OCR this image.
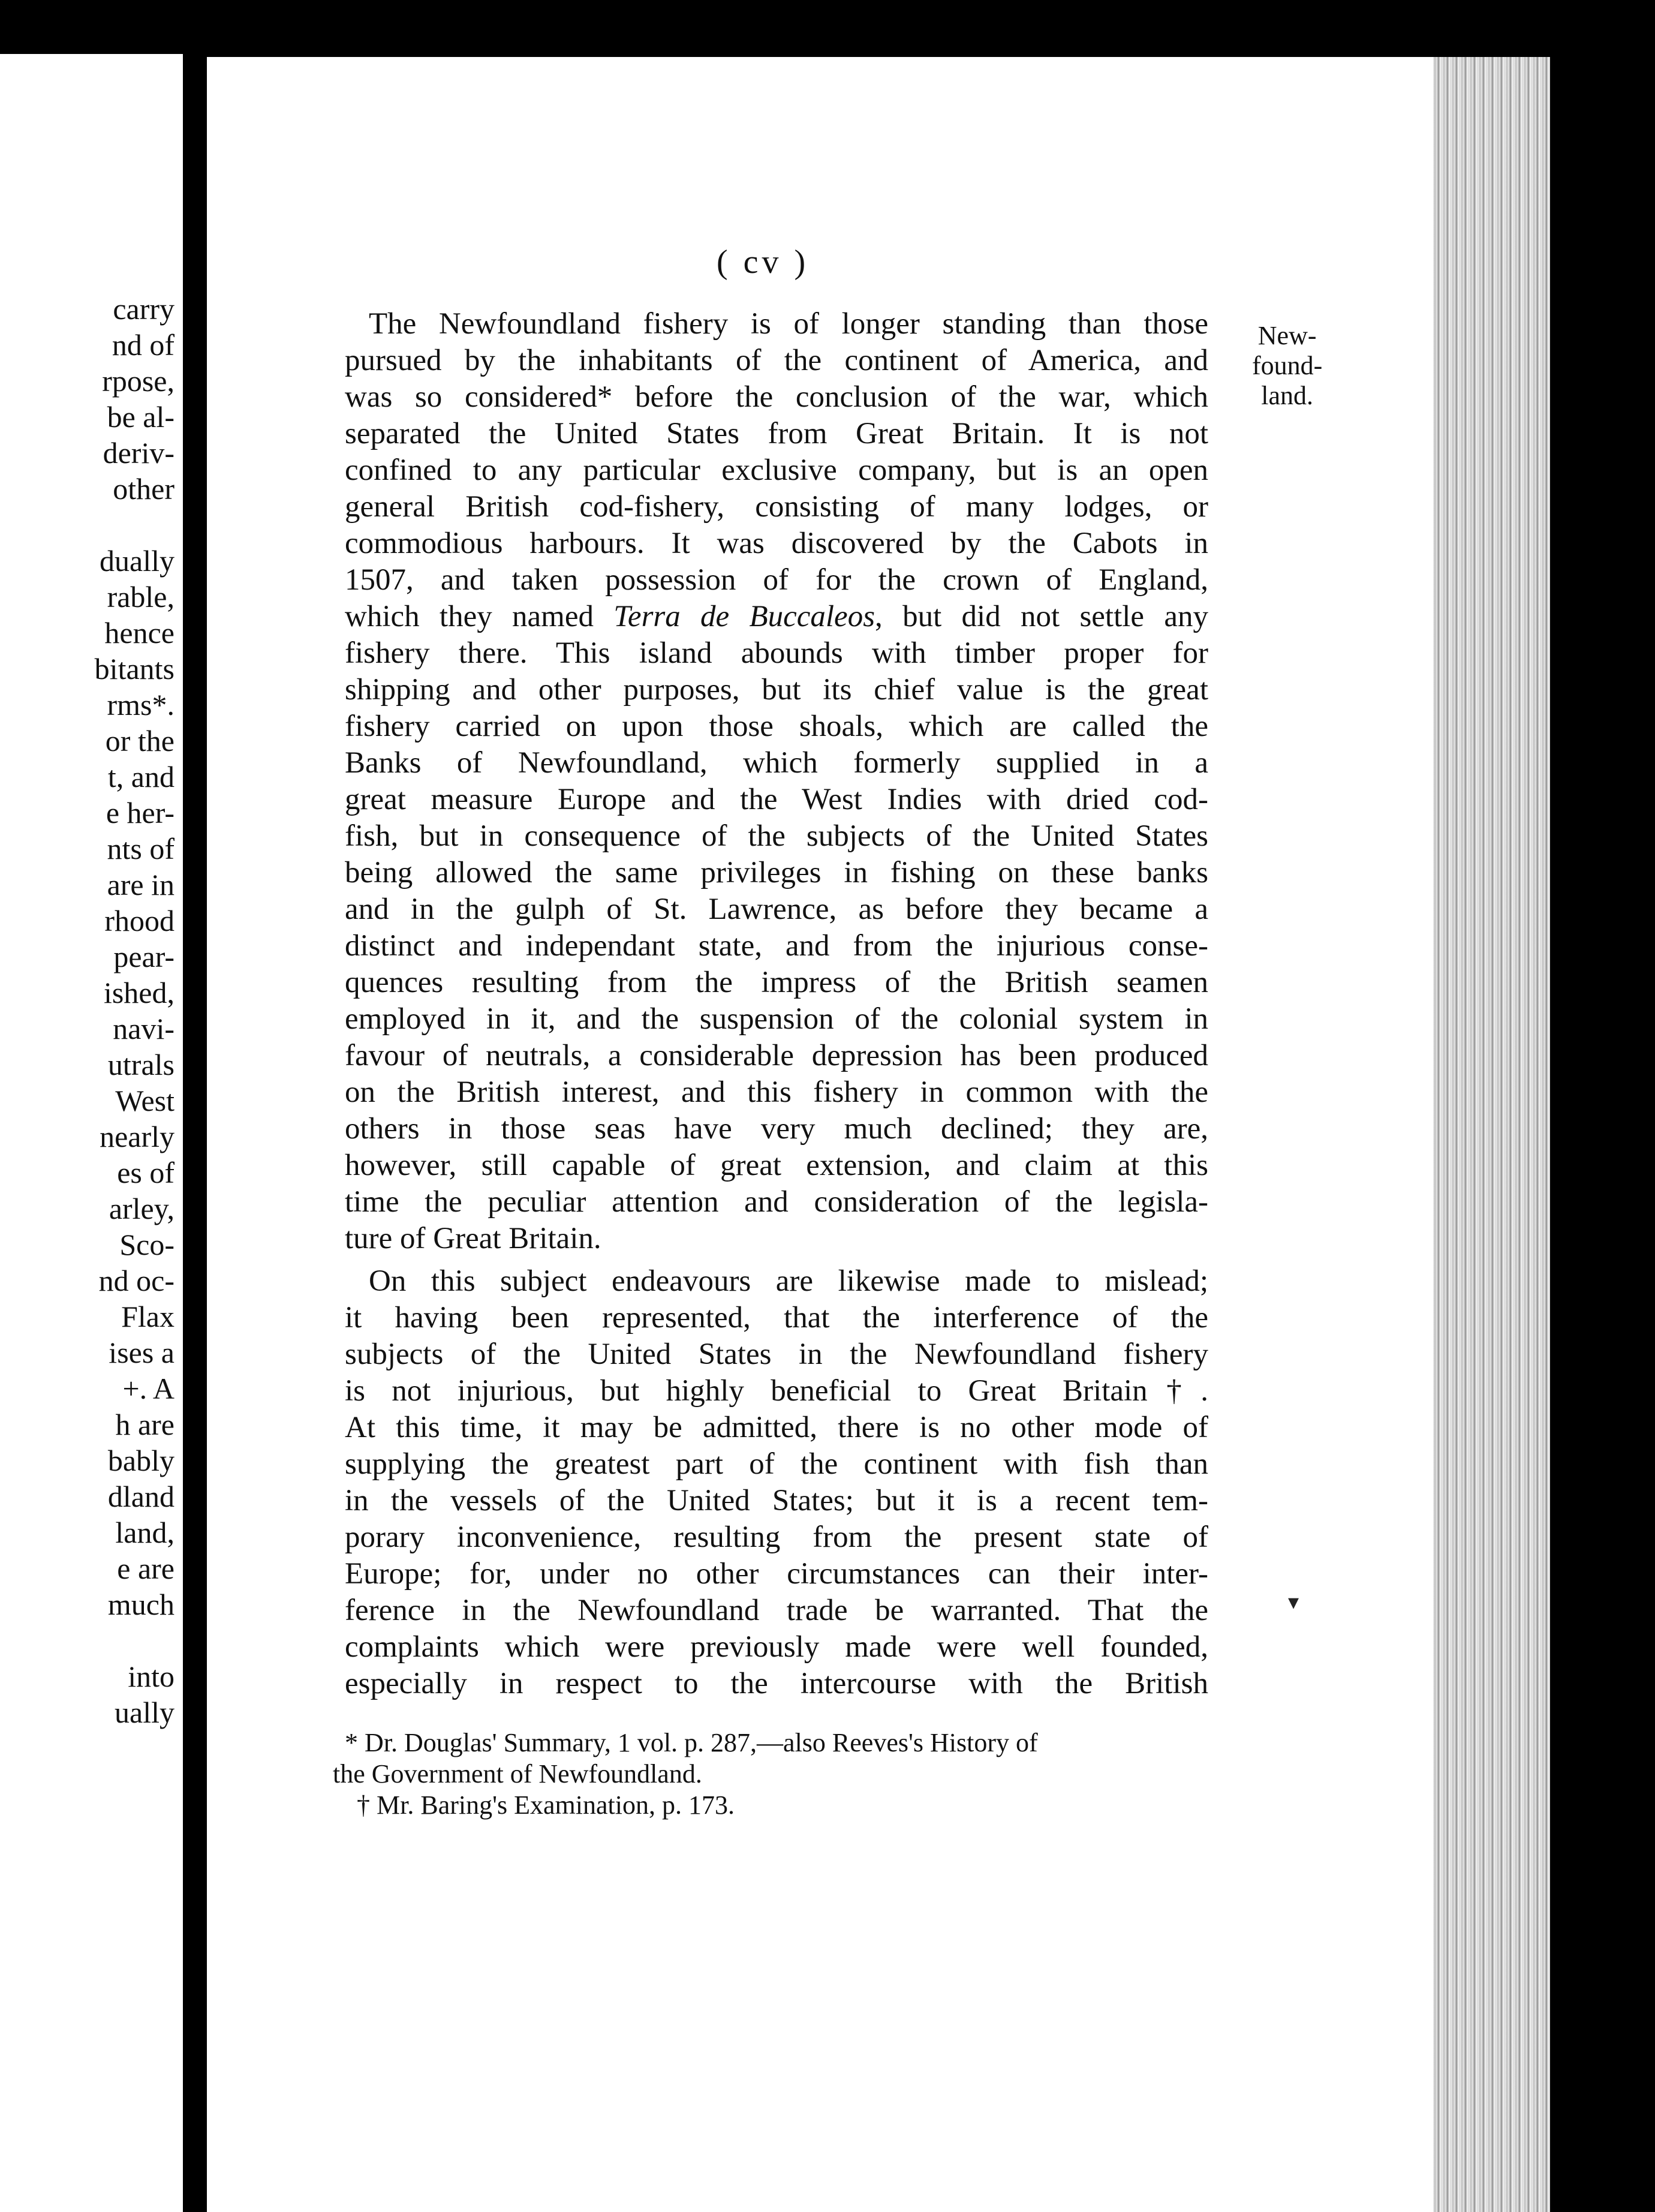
carry
nd of
rpose,
be al-
deriv-
other
dually
rable,
hence
bitants
rms*.
or the
t, and
e her-
nts of
are in
rhood
pear-
ished,
navi-
utrals
West
nearly
es of
arley,
Sco-
nd oc-
Flax
ises a
+. A
h are
bably
dland
land,
e are
much
into
ually
( cv )
New-
found-
land.
The Newfoundland fishery is of longer standing than those
pursued by the inhabitants of the continent of America, and
was so considered* before the conclusion of the war, which
separated the United States from Great Britain. It is not
confined to any particular exclusive company, but is an open
general British cod-fishery, consisting of many lodges, or
commodious harbours. It was discovered by the Cabots in
1507, and taken possession of for the crown of England,
which they named Terra de Buccaleos, but did not settle any
fishery there. This island abounds with timber proper for
shipping and other purposes, but its chief value is the great
fishery carried on upon those shoals, which are called the
Banks of Newfoundland, which formerly supplied in a
great measure Europe and the West Indies with dried cod-
fish, but in consequence of the subjects of the United States
being allowed the same privileges in fishing on these banks
and in the gulph of St. Lawrence, as before they became a
distinct and independant state, and from the injurious conse-
quences resulting from the impress of the British seamen
employed in it, and the suspension of the colonial system in
favour of neutrals, a considerable depression has been produced
on the British interest, and this fishery in common with the
others in those seas have very much declined; they are,
however, still capable of great extension, and claim at this
time the peculiar attention and consideration of the legisla-
ture of Great Britain.
On this subject endeavours are likewise made to mislead;
it having been represented, that the interference of the
subjects of the United States in the Newfoundland fishery
is not injurious, but highly beneficial to Great Britain†.
At this time, it may be admitted, there is no other mode of
supplying the greatest part of the continent with fish than
in the vessels of the United States; but it is a recent tem-
porary inconvenience, resulting from the present state of
Europe; for, under no other circumstances can their inter-
ference in the Newfoundland trade be warranted. That the
complaints which were previously made were well founded,
especially in respect to the intercourse with the British
▾
* Dr. Douglas' Summary, 1 vol. p. 287,—also Reeves's History of
the Government of Newfoundland.
† Mr. Baring's Examination, p. 173.
